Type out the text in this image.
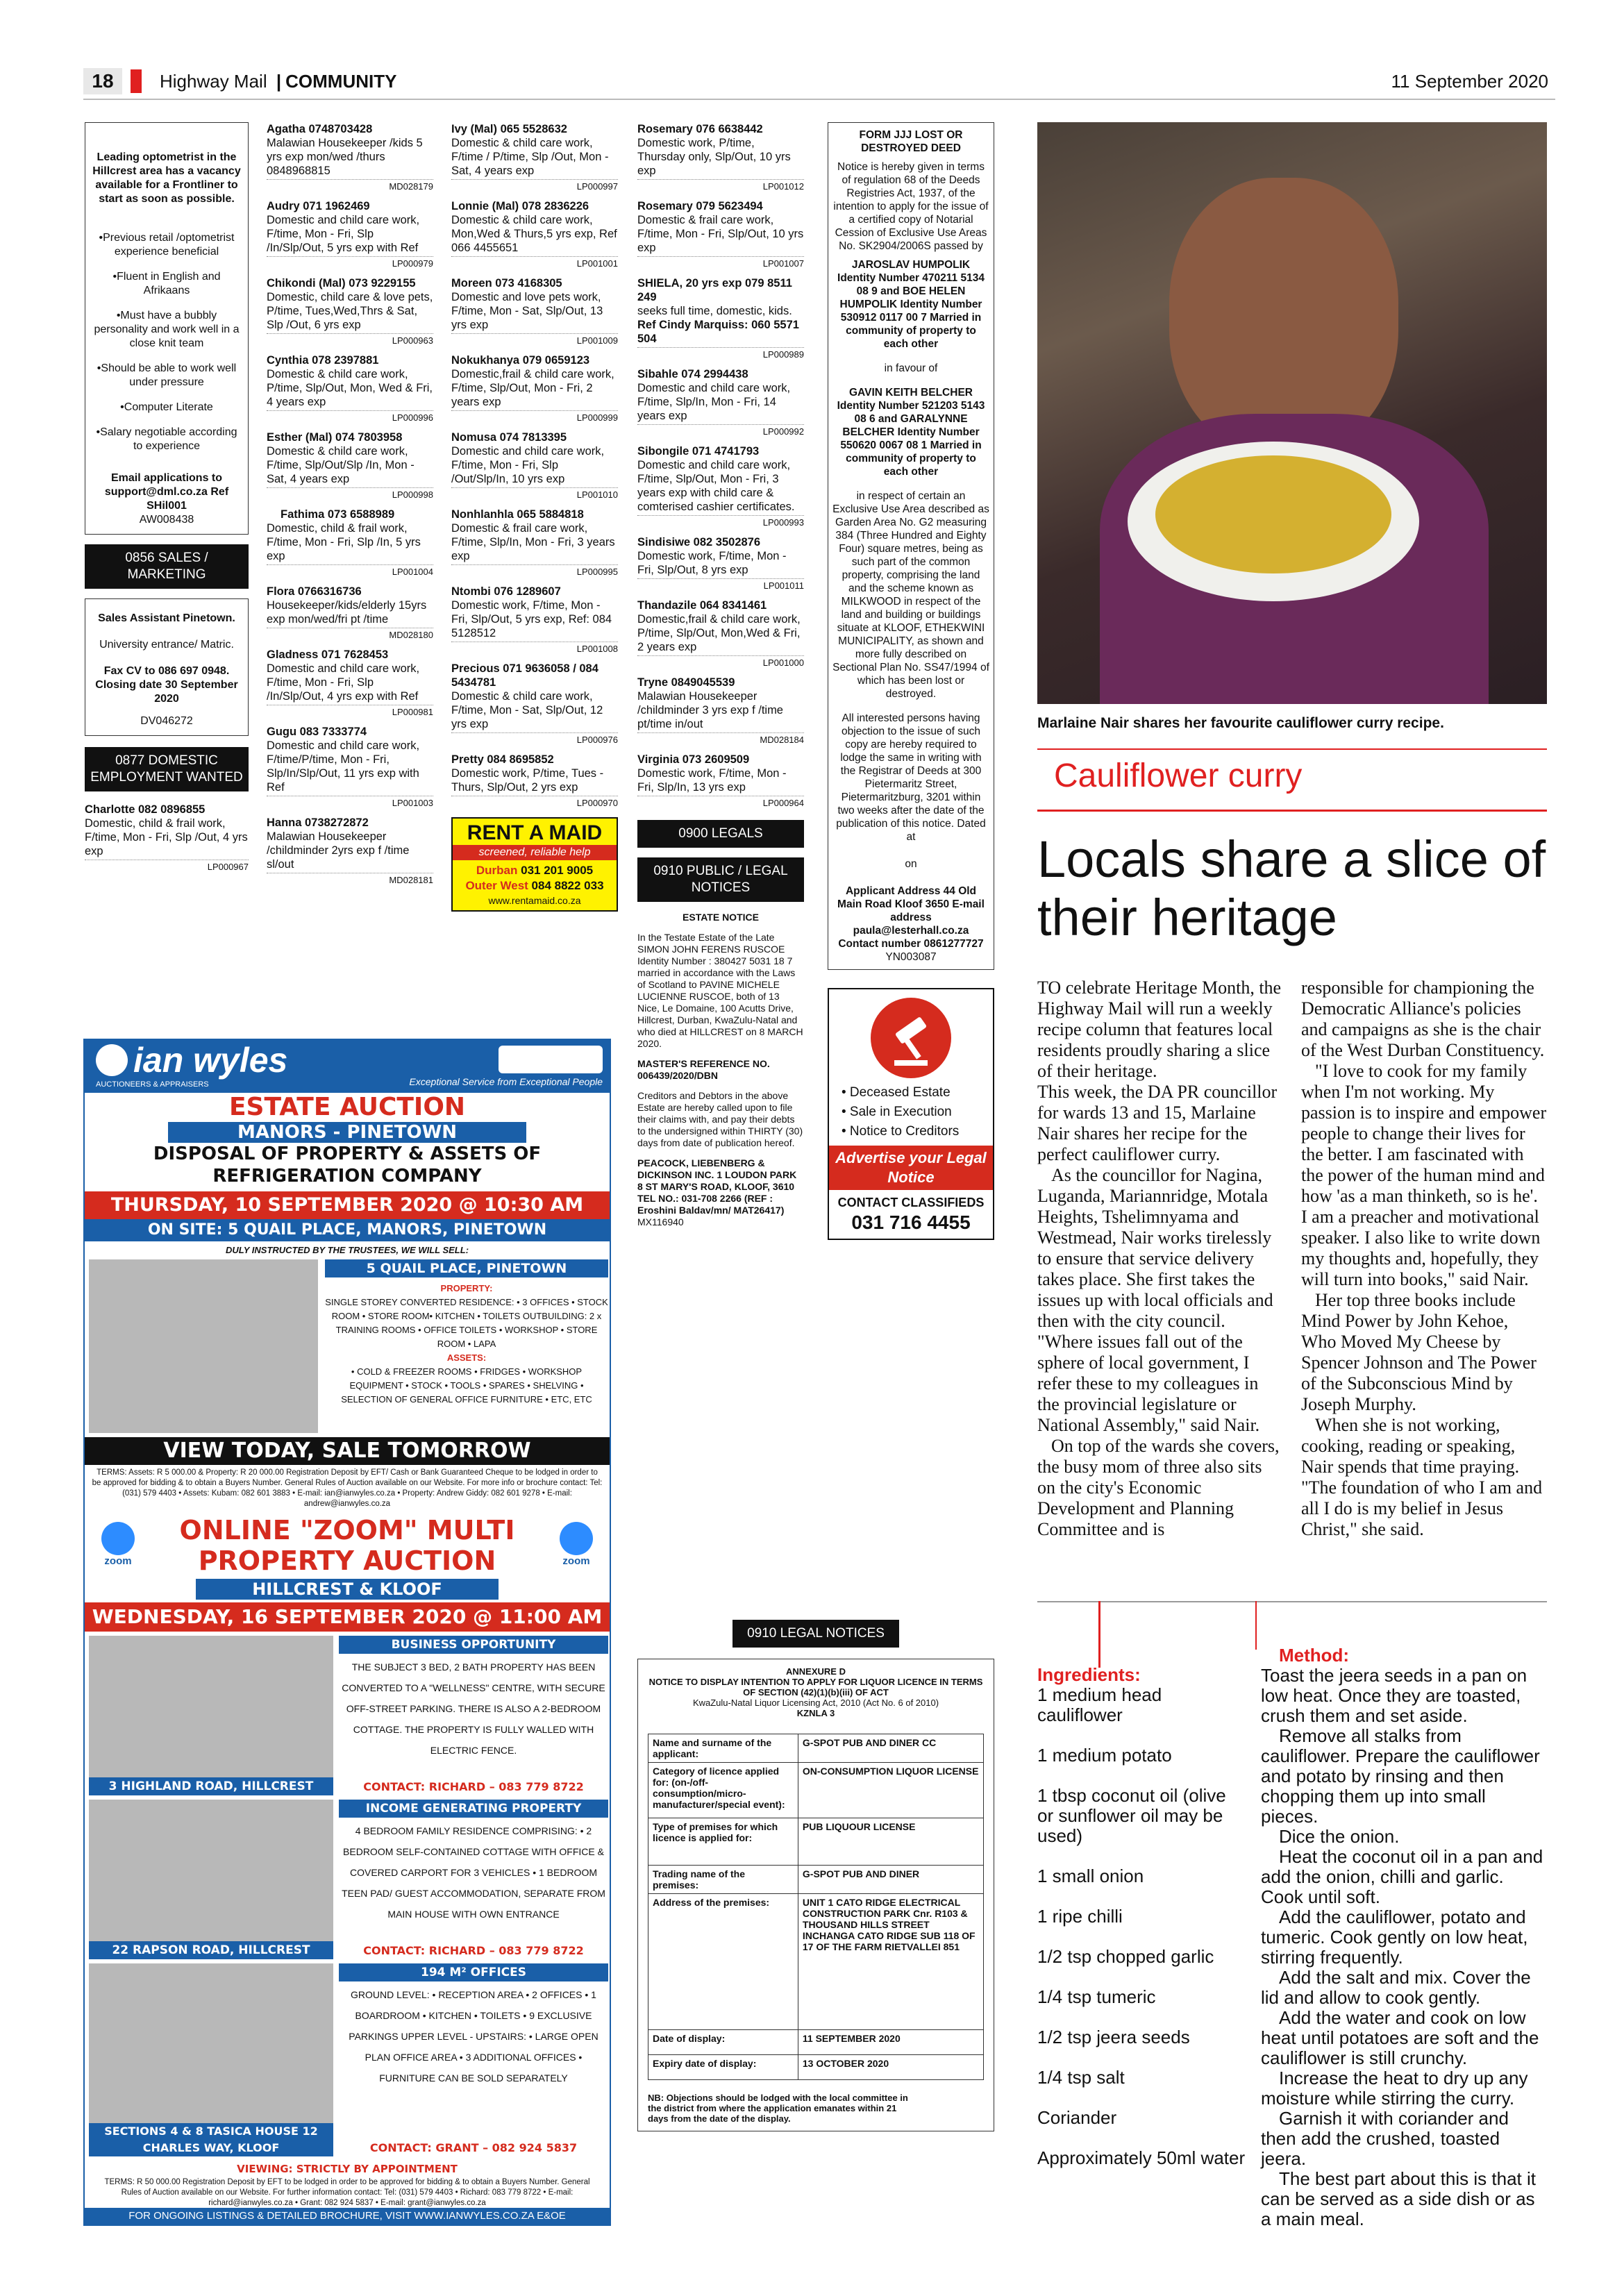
18	Highway Mail | COMMUNITY	11 September 2020

Leading optometrist in the Hillcrest area has a vacancy available for a Frontliner to start as soon as possible.

•Previous retail /optometrist experience beneficial

•Fluent in English and Afrikaans

•Must have a bubbly personality and work well in a close knit team

•Should be able to work well under pressure

•Computer Literate

•Salary negotiable according to experience

Email applications to support@dml.co.za Ref SHil001

AW008438
0856 SALES / MARKETING

Sales Assistant Pinetown.

University entrance/ Matric.

Fax CV to 086 697 0948. Closing date 30 September 2020

DV046272
0877 DOMESTIC EMPLOYMENT WANTED
Charlotte 082 0896855
Domestic, child & frail work, F/time, Mon - Fri, Slp /Out, 4 yrs exp
LP000967
Agatha 0748703428
Malawian Housekeeper /kids 5 yrs exp mon/wed /thurs 0848968815
MD028179
Audry 071 1962469
Domestic and child care work, F/time, Mon - Fri, Slp /In/Slp/Out, 5 yrs exp with Ref
LP000979
Chikondi (Mal) 073 9229155
Domestic, child care & love pets, P/time, Tues,Wed,Thrs & Sat, Slp /Out, 6 yrs exp
LP000963
Cynthia 078 2397881
Domestic & child care work, P/time, Slp/Out, Mon, Wed & Fri, 4 years exp
LP000996
Esther (Mal) 074 7803958
Domestic & child care work, F/time, Slp/Out/Slp /In, Mon - Sat, 4 years exp
LP000998
Fathima 073 6588989
Domestic, child & frail work, F/time, Mon - Fri, Slp /In, 5 yrs exp
LP001004
Flora 0766316736
Housekeeper/kids/elderly 15yrs exp mon/wed/fri pt /time
MD028180
Gladness 071 7628453
Domestic and child care work, F/time, Mon - Fri, Slp /In/Slp/Out, 4 yrs exp with Ref
LP000981
Gugu 083 7333774
Domestic and child care work, F/time/P/time, Mon - Fri, Slp/In/Slp/Out, 11 yrs exp with Ref
LP001003
Hanna 0738272872
Malawian Housekeeper /childminder 2yrs exp f /time sl/out
MD028181
Ivy (Mal) 065 5528632
Domestic & child care work, F/time / P/time, Slp /Out, Mon - Sat, 4 years exp
LP000997
Lonnie (Mal) 078 2836226
Domestic & child care work, Mon,Wed & Thurs,5 yrs exp, Ref 066 4455651
LP001001
Moreen 073 4168305
Domestic and love pets work, F/time, Mon - Sat, Slp/Out, 13 yrs exp
LP001009
Nokukhanya 079 0659123
Domestic,frail & child care work, F/time, Slp/Out, Mon - Fri, 2 years exp
LP000999
Nomusa 074 7813395
Domestic and child care work, F/time, Mon - Fri, Slp /Out/Slp/In, 10 yrs exp
LP001010
Nonhlanhla 065 5884818
Domestic & frail care work, F/time, Slp/In, Mon - Fri, 3 years exp
LP000995
Ntombi 076 1289607
Domestic work, F/time, Mon - Fri, Slp/Out, 5 yrs exp, Ref: 084 5128512
LP001008
Precious 071 9636058 / 084 5434781
Domestic & child care work, F/time, Mon - Sat, Slp/Out, 12 yrs exp
LP000976
Pretty 084 8695852
Domestic work, P/time, Tues - Thurs, Slp/Out, 2 yrs exp
LP000970
RENT A MAID
screened, reliable help
Durban 031 201 9005
Outer West 084 8822 033
www.rentamaid.co.za
Rosemary 076 6638442
Domestic work, P/time, Thursday only, Slp/Out, 10 yrs exp
LP001012
Rosemary 079 5623494
Domestic & frail care work, F/time, Mon - Fri, Slp/Out, 10 yrs exp
LP001007
SHIELA, 20 yrs exp 079 8511 249
seeks full time, domestic, kids.
Ref Cindy Marquiss: 060 5571 504
LP000989
Sibahle 074 2994438
Domestic and child care work, F/time, Slp/In, Mon - Fri, 14 years exp
LP000992
Sibongile 071 4741793
Domestic and child care work, F/time, Slp/Out, Mon - Fri, 3 years exp with child care & comterised cashier certificates.
LP000993
Sindisiwe 082 3502876
Domestic work, F/time, Mon - Fri, Slp/Out, 8 yrs exp
LP001011
Thandazile 064 8341461
Domestic,frail & child care work, P/time, Slp/Out, Mon,Wed & Fri, 2 years exp
LP001000
Tryne 0849045539
Malawian Housekeeper /childminder 3 yrs exp f /time pt/time in/out
MD028184
Virginia 073 2609509
Domestic work, F/time, Mon - Fri, Slp/In, 13 yrs exp
LP000964
0900 LEGALS
0910 PUBLIC / LEGAL NOTICES
ESTATE NOTICE

In the Testate Estate of the Late SIMON JOHN FERENS RUSCOE Identity Number : 380427 5031 18 7 married in accordance with the Laws of Scotland to PAVINE MICHELE LUCIENNE RUSCOE, both of 13 Nice, Le Domaine, 100 Acutts Drive, Hillcrest, Durban, KwaZulu-Natal and who died at HILLCREST on 8 MARCH 2020.

MASTER'S REFERENCE NO. 006439/2020/DBN

Creditors and Debtors in the above Estate are hereby called upon to file their claims with, and pay their debts to the undersigned within THIRTY (30) days from date of publication hereof.

PEACOCK, LIEBENBERG & DICKINSON INC. 1 LOUDON PARK 8 ST MARY'S ROAD, KLOOF, 3610 TEL NO.: 031-708 2266 (REF : Eroshini Baldav/mn/ MAT26417)

MX116940
FORM JJJ LOST OR DESTROYED DEED

Notice is hereby given in terms of regulation 68 of the Deeds Registries Act, 1937, of the intention to apply for the issue of a certified copy of Notarial Cession of Exclusive Use Areas No. SK2904/2006S passed by

JAROSLAV HUMPOLIK Identity Number 470211 5134 08 9 and BOE HELEN HUMPOLIK Identity Number 530912 0117 00 7 Married in community of property to each other

in favour of

GAVIN KEITH BELCHER Identity Number 521203 5143 08 6 and GARALYNNE BELCHER Identity Number 550620 0067 08 1 Married in community of property to each other

in respect of certain an Exclusive Use Area described as Garden Area No. G2 measuring 384 (Three Hundred and Eighty Four) square metres, being as such part of the common property, comprising the land and the scheme known as MILKWOOD in respect of the land and building or buildings situate at KLOOF, ETHEKWINI MUNICIPALITY, as shown and more fully described on Sectional Plan No. SS47/1994 of which has been lost or destroyed.

All interested persons having objection to the issue of such copy are hereby required to lodge the same in writing with the Registrar of Deeds at 300 Pietermaritz Street, Pietermaritzburg, 3201 within two weeks after the date of the publication of this notice. Dated at

on

Applicant Address 44 Old Main Road Kloof 3650 E-mail address paula@lesterhall.co.za Contact number 0861277727

YN003087
• Deceased Estate
• Sale in Execution
• Notice to Creditors
Advertise your Legal Notice
CONTACT CLASSIFIEDS
031 716 4455
0910 LEGAL NOTICES
ANNEXURE D
NOTICE TO DISPLAY INTENTION TO APPLY FOR LIQUOR LICENCE IN TERMS OF SECTION (42)(1)(b)(iii) OF ACT
KwaZulu-Natal Liquor Licensing Act, 2010 (Act No. 6 of 2010)
KZNLA 3
Name and surname of the applicant:	G-SPOT PUB AND DINER CC
Category of licence applied for: (on-/off-consumption/micro-manufacturer/special event):	ON-CONSUMPTION LIQUOR LICENSE
Type of premises for which licence is applied for:	PUB LIQUOUR LICENSE
Trading name of the premises:	G-SPOT PUB AND DINER
Address of the premises:	UNIT 1 CATO RIDGE ELECTRICAL CONSTRUCTION PARK Cnr. R103 & THOUSAND HILLS STREET INCHANGA CATO RIDGE SUB 118 OF 17 OF THE FARM RIETVALLEI 851
Date of display:	11 SEPTEMBER 2020
Expiry date of display:	13 OCTOBER 2020
NB: Objections should be lodged with the local committee in the district from where the application emanates within 21 days from the date of the display.
ian wyles
AUCTIONEERS & APPRAISERS	Exceptional Service from Exceptional People
ESTATE AUCTION
MANORS - PINETOWN
DISPOSAL OF PROPERTY & ASSETS OF REFRIGERATION COMPANY
THURSDAY, 10 SEPTEMBER 2020 @ 10:30 AM
ON SITE: 5 QUAIL PLACE, MANORS, PINETOWN
DULY INSTRUCTED BY THE TRUSTEES, WE WILL SELL:
5 QUAIL PLACE, PINETOWN
PROPERTY:
SINGLE STOREY CONVERTED RESIDENCE: • 3 OFFICES • STOCK ROOM • STORE ROOM• KITCHEN • TOILETS OUTBUILDING: 2 x TRAINING ROOMS • OFFICE TOILETS • WORKSHOP • STORE ROOM • LAPA
ASSETS:
• COLD & FREEZER ROOMS • FRIDGES • WORKSHOP EQUIPMENT • STOCK • TOOLS • SPARES • SHELVING • SELECTION OF GENERAL OFFICE FURNITURE • ETC, ETC
VIEW TODAY, SALE TOMORROW
TERMS: Assets: R 5 000.00 & Property: R 20 000.00 Registration Deposit by EFT/ Cash or Bank Guaranteed Cheque to be lodged in order to be approved for bidding & to obtain a Buyers Number. General Rules of Auction available on our Website. For more info or brochure contact: Tel: (031) 579 4403 • Assets: Kubam: 082 601 3883 • E-mail: ian@ianwyles.co.za • Property: Andrew Giddy: 082 601 9278 • E-mail: andrew@ianwyles.co.za
zoom
ONLINE "ZOOM" MULTI PROPERTY AUCTION	zoom
HILLCREST & KLOOF
WEDNESDAY, 16 SEPTEMBER 2020 @ 11:00 AM
3 HIGHLAND ROAD, HILLCREST
BUSINESS OPPORTUNITY
THE SUBJECT 3 BED, 2 BATH PROPERTY HAS BEEN CONVERTED TO A "WELLNESS" CENTRE, WITH SECURE OFF-STREET PARKING. THERE IS ALSO A 2-BEDROOM COTTAGE. THE PROPERTY IS FULLY WALLED WITH ELECTRIC FENCE.
CONTACT: RICHARD – 083 779 8722
22 RAPSON ROAD, HILLCREST
INCOME GENERATING PROPERTY
4 BEDROOM FAMILY RESIDENCE COMPRISING: • 2 BEDROOM SELF-CONTAINED COTTAGE WITH OFFICE & COVERED CARPORT FOR 3 VEHICLES • 1 BEDROOM TEEN PAD/ GUEST ACCOMMODATION, SEPARATE FROM MAIN HOUSE WITH OWN ENTRANCE
CONTACT: RICHARD – 083 779 8722
SECTIONS 4 & 8 TASICA HOUSE 12 CHARLES WAY, KLOOF
194 M² OFFICES
GROUND LEVEL: • RECEPTION AREA • 2 OFFICES • 1 BOARDROOM • KITCHEN • TOILETS • 9 EXCLUSIVE PARKINGS UPPER LEVEL - UPSTAIRS: • LARGE OPEN PLAN OFFICE AREA • 3 ADDITIONAL OFFICES • FURNITURE CAN BE SOLD SEPARATELY
CONTACT: GRANT – 082 924 5837
VIEWING: STRICTLY BY APPOINTMENT
TERMS: R 50 000.00 Registration Deposit by EFT to be lodged in order to be approved for bidding & to obtain a Buyers Number. General Rules of Auction available on our Website. For further information contact: Tel: (031) 579 4403 • Richard: 083 779 8722 • E-mail: richard@ianwyles.co.za • Grant: 082 924 5837 • E-mail: grant@ianwyles.co.za
FOR ONGOING LISTINGS & DETAILED BROCHURE, VISIT WWW.IANWYLES.CO.ZA E&OE
Marlaine Nair shares her favourite cauliflower curry recipe.
Cauliflower curry
Locals share a slice of their heritage

TO celebrate Heritage Month, the Highway Mail will run a weekly recipe column that features local residents proudly sharing a slice of their heritage.

This week, the DA PR councillor for wards 13 and 15, Marlaine Nair shares her recipe for the perfect cauliflower curry.

As the councillor for Nagina, Luganda, Mariannridge, Motala Heights, Tshelimnyama and Westmead, Nair works tirelessly to ensure that service delivery takes place. She first takes the issues up with local officials and then with the city council. "Where issues fall out of the sphere of local government, I refer these to my colleagues in the provincial legislature or National Assembly," said Nair.

On top of the wards she covers, the busy mom of three also sits on the city's Economic Development and Planning Committee and is

responsible for championing the Democratic Alliance's policies and campaigns as she is the chair of the West Durban Constituency.

"I love to cook for my family when I'm not working. My passion is to inspire and empower people to change their lives for the better. I am fascinated with the power of the human mind and how 'as a man thinketh, so is he'. I am a preacher and motivational speaker. I also like to write down my thoughts and, hopefully, they will turn into books," said Nair.

Her top three books include Mind Power by John Kehoe, Who Moved My Cheese by Spencer Johnson and The Power of the Subconscious Mind by Joseph Murphy.

When she is not working, cooking, reading or speaking, Nair spends that time praying. "The foundation of who I am and all I do is my belief in Jesus Christ," she said.

Ingredients:
1 medium head cauliflower
1 medium potato
1 tbsp coconut oil (olive or sunflower oil may be used)
1 small onion
1 ripe chilli
1/2 tsp chopped garlic
1/4 tsp tumeric
1/2 tsp jeera seeds
1/4 tsp salt
Coriander
Approximately 50ml water
Method:

Toast the jeera seeds in a pan on low heat. Once they are toasted, crush them and set aside.

Remove all stalks from cauliflower. Prepare the cauliflower and potato by rinsing and then chopping them up into small pieces.

Dice the onion.

Heat the coconut oil in a pan and add the onion, chilli and garlic. Cook until soft.

Add the cauliflower, potato and tumeric. Cook gently on low heat, stirring frequently.

Add the salt and mix. Cover the lid and allow to cook gently.

Add the water and cook on low heat until potatoes are soft and the cauliflower is still crunchy.

Increase the heat to dry up any moisture while stirring the curry.

Garnish it with coriander and then add the crushed, toasted jeera.

The best part about this is that it can be served as a side dish or as a main meal.
